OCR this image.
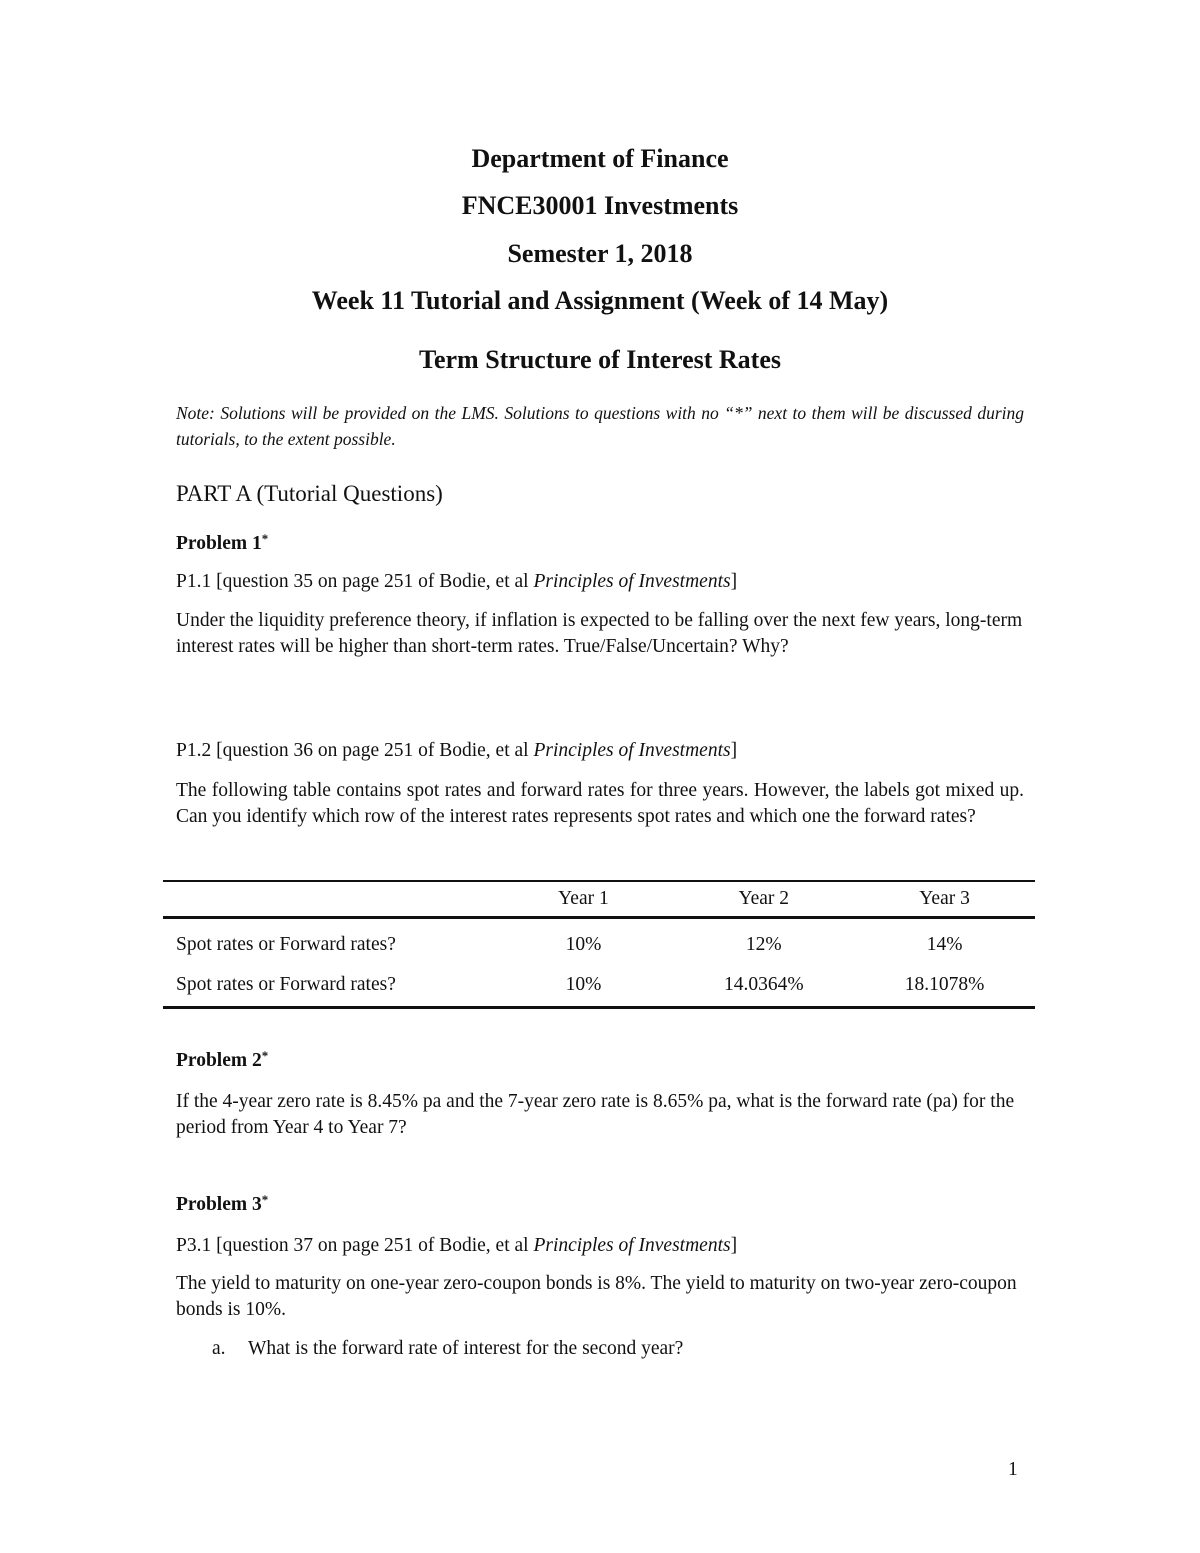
Department of Finance

FNCE30001 Investments

Semester 1, 2018

Week 11 Tutorial and Assignment (Week of 14 May)

Term Structure of Interest Rates

Note: Solutions will be provided on the LMS. Solutions to questions with no “*” next to them will be discussed during tutorials, to the extent possible.

PART A (Tutorial Questions)

Problem 1*

P1.1 [question 35 on page 251 of Bodie, et al Principles of Investments]

Under the liquidity preference theory, if inflation is expected to be falling over the next few years, long-term interest rates will be higher than short-term rates. True/False/Uncertain? Why?

P1.2 [question 36 on page 251 of Bodie, et al Principles of Investments]

The following table contains spot rates and forward rates for three years. However, the labels got mixed up. Can you identify which row of the interest rates represents spot rates and which one the forward rates?

	Year 1	Year 2	Year 3
Spot rates or Forward rates?	10%	12%	14%
Spot rates or Forward rates?	10%	14.0364%	18.1078%

Problem 2*

If the 4-year zero rate is 8.45% pa and the 7-year zero rate is 8.65% pa, what is the forward rate (pa) for the period from Year 4 to Year 7?

Problem 3*

P3.1 [question 37 on page 251 of Bodie, et al Principles of Investments]

The yield to maturity on one-year zero-coupon bonds is 8%. The yield to maturity on two-year zero-coupon bonds is 10%.

a. What is the forward rate of interest for the second year?

1
